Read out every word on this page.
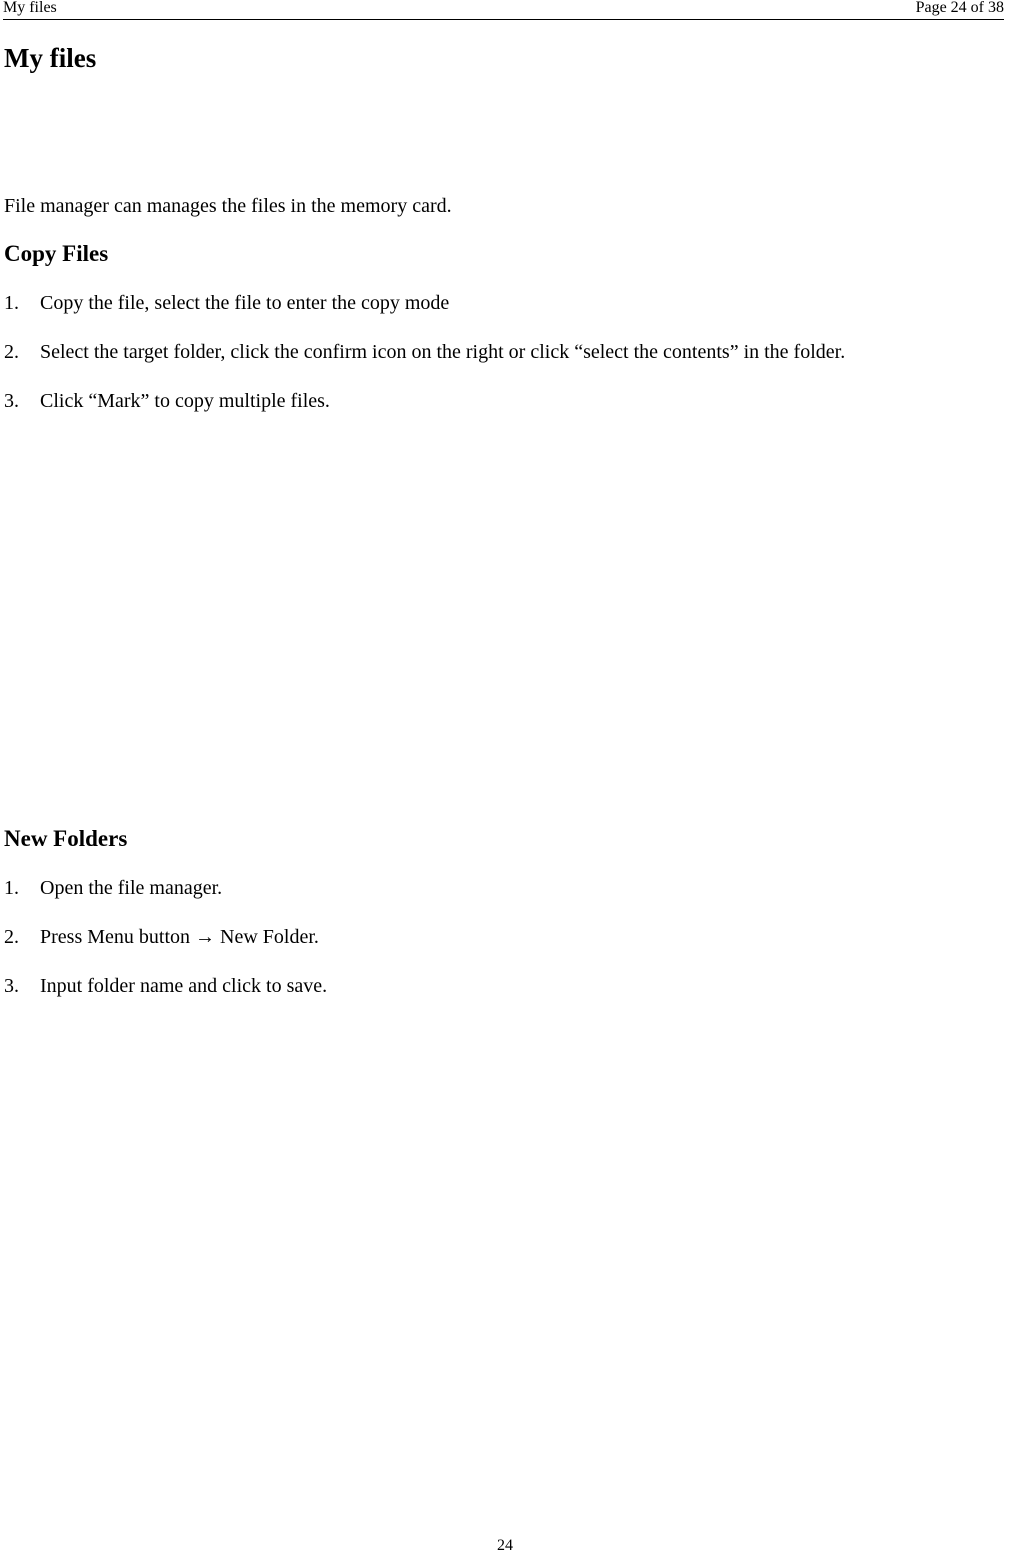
My files	Page 24 of 38
My files

File manager can manages the files in the memory card.

Copy Files
1. Copy the file, select the file to enter the copy mode
2. Select the target folder, click the confirm icon on the right or click “select the contents” in the folder.
3. Click “Mark” to copy multiple files.
New Folders
1. Open the file manager.
2. Press Menu button → New Folder.
3. Input folder name and click to save.
24
